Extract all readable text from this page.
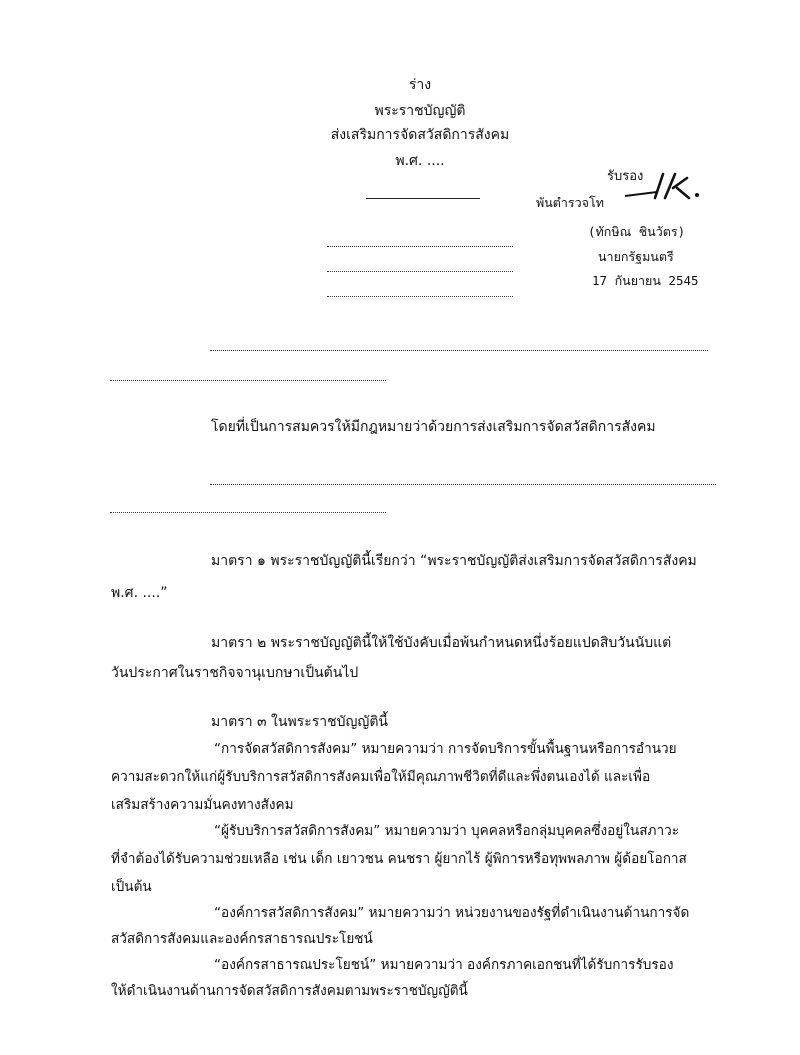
ร่าง
พระราชบัญญัติ
ส่งเสริมการจัดสวัสดิการสังคม
พ.ศ. ....
รับรอง
พันตำรวจโท
(ทักษิณ ชินวัตร)
นายกรัฐมนตรี
17 กันยายน 2545
โดยที่เป็นการสมควรให้มีกฎหมายว่าด้วยการส่งเสริมการจัดสวัสดิการสังคม
มาตรา ๑ พระราชบัญญัตินี้เรียกว่า “พระราชบัญญัติส่งเสริมการจัดสวัสดิการสังคม
พ.ศ. ....”
มาตรา ๒ พระราชบัญญัตินี้ให้ใช้บังคับเมื่อพ้นกำหนดหนึ่งร้อยแปดสิบวันนับแต่
วันประกาศในราชกิจจานุเบกษาเป็นต้นไป
มาตรา ๓ ในพระราชบัญญัตินี้
“การจัดสวัสดิการสังคม” หมายความว่า การจัดบริการขั้นพื้นฐานหรือการอำนวย
ความสะดวกให้แก่ผู้รับบริการสวัสดิการสังคมเพื่อให้มีคุณภาพชีวิตที่ดีและพึ่งตนเองได้ และเพื่อ
เสริมสร้างความมั่นคงทางสังคม
“ผู้รับบริการสวัสดิการสังคม” หมายความว่า บุคคลหรือกลุ่มบุคคลซึ่งอยู่ในสภาวะ
ที่จำต้องได้รับความช่วยเหลือ เช่น เด็ก เยาวชน คนชรา ผู้ยากไร้ ผู้พิการหรือทุพพลภาพ ผู้ด้อยโอกาส
เป็นต้น
“องค์การสวัสดิการสังคม” หมายความว่า หน่วยงานของรัฐที่ดำเนินงานด้านการจัด
สวัสดิการสังคมและองค์กรสาธารณประโยชน์
“องค์กรสาธารณประโยชน์” หมายความว่า องค์กรภาคเอกชนที่ได้รับการรับรอง
ให้ดำเนินงานด้านการจัดสวัสดิการสังคมตามพระราชบัญญัตินี้
